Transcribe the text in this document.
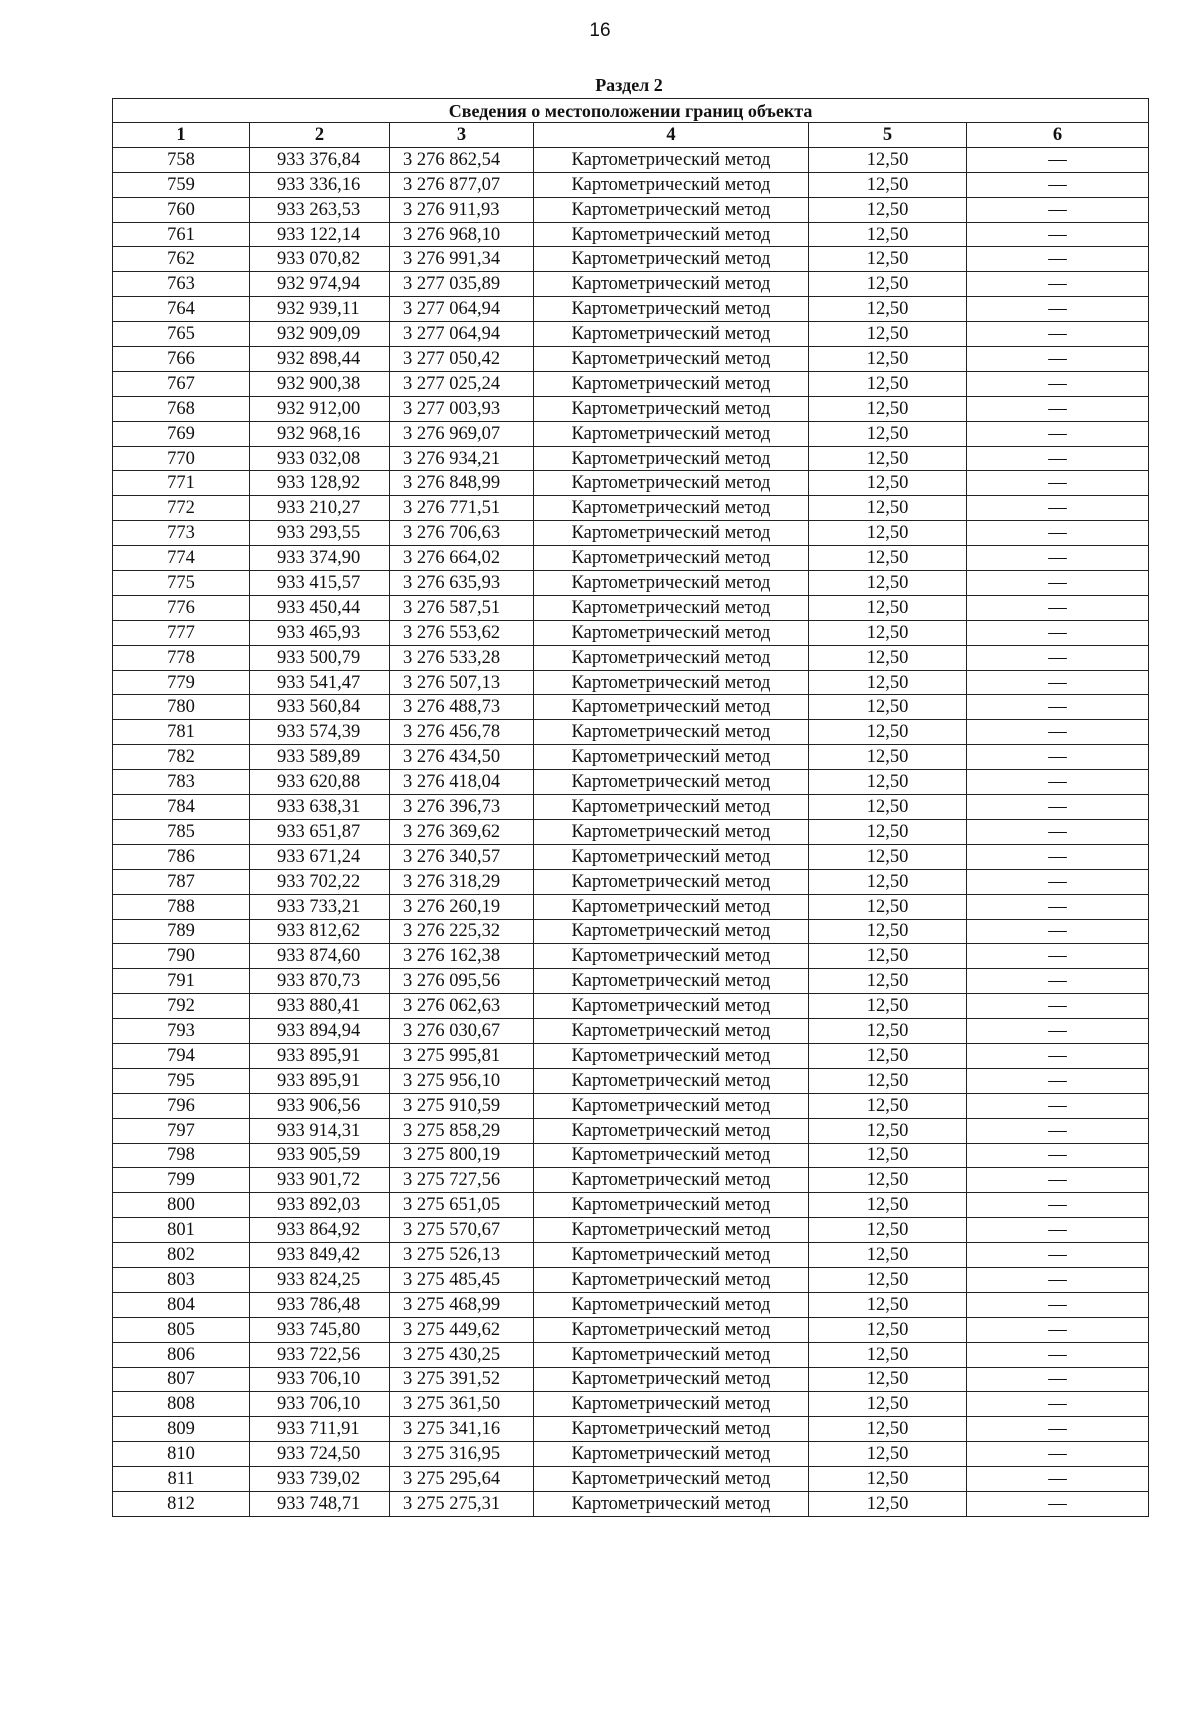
16
Раздел 2
Сведения о местоположении границ объекта					
1	2	3	4	5	6
758	933 376,84	3 276 862,54	Картометрический метод	12,50	—
759	933 336,16	3 276 877,07	Картометрический метод	12,50	—
760	933 263,53	3 276 911,93	Картометрический метод	12,50	—
761	933 122,14	3 276 968,10	Картометрический метод	12,50	—
762	933 070,82	3 276 991,34	Картометрический метод	12,50	—
763	932 974,94	3 277 035,89	Картометрический метод	12,50	—
764	932 939,11	3 277 064,94	Картометрический метод	12,50	—
765	932 909,09	3 277 064,94	Картометрический метод	12,50	—
766	932 898,44	3 277 050,42	Картометрический метод	12,50	—
767	932 900,38	3 277 025,24	Картометрический метод	12,50	—
768	932 912,00	3 277 003,93	Картометрический метод	12,50	—
769	932 968,16	3 276 969,07	Картометрический метод	12,50	—
770	933 032,08	3 276 934,21	Картометрический метод	12,50	—
771	933 128,92	3 276 848,99	Картометрический метод	12,50	—
772	933 210,27	3 276 771,51	Картометрический метод	12,50	—
773	933 293,55	3 276 706,63	Картометрический метод	12,50	—
774	933 374,90	3 276 664,02	Картометрический метод	12,50	—
775	933 415,57	3 276 635,93	Картометрический метод	12,50	—
776	933 450,44	3 276 587,51	Картометрический метод	12,50	—
777	933 465,93	3 276 553,62	Картометрический метод	12,50	—
778	933 500,79	3 276 533,28	Картометрический метод	12,50	—
779	933 541,47	3 276 507,13	Картометрический метод	12,50	—
780	933 560,84	3 276 488,73	Картометрический метод	12,50	—
781	933 574,39	3 276 456,78	Картометрический метод	12,50	—
782	933 589,89	3 276 434,50	Картометрический метод	12,50	—
783	933 620,88	3 276 418,04	Картометрический метод	12,50	—
784	933 638,31	3 276 396,73	Картометрический метод	12,50	—
785	933 651,87	3 276 369,62	Картометрический метод	12,50	—
786	933 671,24	3 276 340,57	Картометрический метод	12,50	—
787	933 702,22	3 276 318,29	Картометрический метод	12,50	—
788	933 733,21	3 276 260,19	Картометрический метод	12,50	—
789	933 812,62	3 276 225,32	Картометрический метод	12,50	—
790	933 874,60	3 276 162,38	Картометрический метод	12,50	—
791	933 870,73	3 276 095,56	Картометрический метод	12,50	—
792	933 880,41	3 276 062,63	Картометрический метод	12,50	—
793	933 894,94	3 276 030,67	Картометрический метод	12,50	—
794	933 895,91	3 275 995,81	Картометрический метод	12,50	—
795	933 895,91	3 275 956,10	Картометрический метод	12,50	—
796	933 906,56	3 275 910,59	Картометрический метод	12,50	—
797	933 914,31	3 275 858,29	Картометрический метод	12,50	—
798	933 905,59	3 275 800,19	Картометрический метод	12,50	—
799	933 901,72	3 275 727,56	Картометрический метод	12,50	—
800	933 892,03	3 275 651,05	Картометрический метод	12,50	—
801	933 864,92	3 275 570,67	Картометрический метод	12,50	—
802	933 849,42	3 275 526,13	Картометрический метод	12,50	—
803	933 824,25	3 275 485,45	Картометрический метод	12,50	—
804	933 786,48	3 275 468,99	Картометрический метод	12,50	—
805	933 745,80	3 275 449,62	Картометрический метод	12,50	—
806	933 722,56	3 275 430,25	Картометрический метод	12,50	—
807	933 706,10	3 275 391,52	Картометрический метод	12,50	—
808	933 706,10	3 275 361,50	Картометрический метод	12,50	—
809	933 711,91	3 275 341,16	Картометрический метод	12,50	—
810	933 724,50	3 275 316,95	Картометрический метод	12,50	—
811	933 739,02	3 275 295,64	Картометрический метод	12,50	—
812	933 748,71	3 275 275,31	Картометрический метод	12,50	—
